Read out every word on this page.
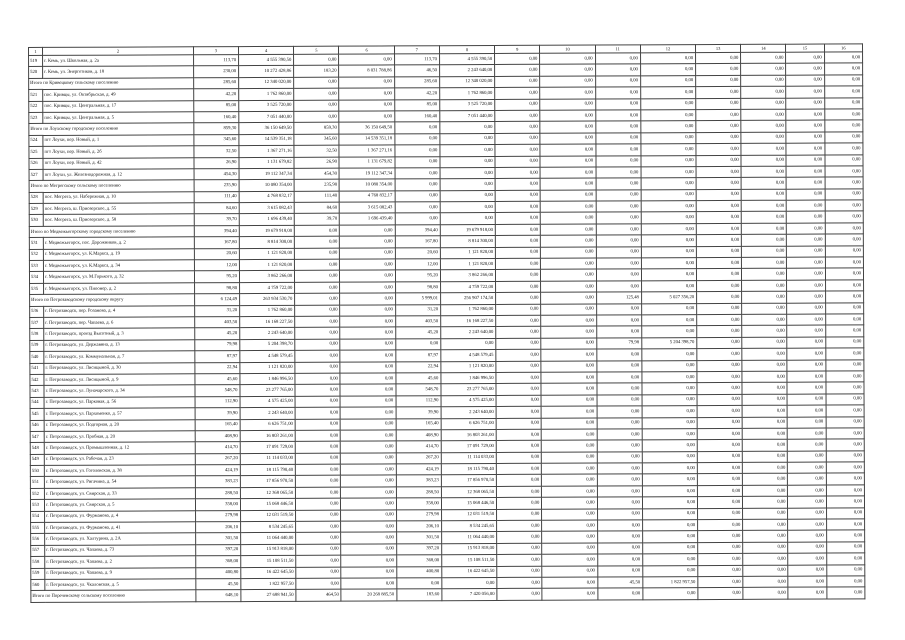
1	2	3	4	5	6	7	8	9	10	11	12	13	14	15	16
519	г. Кемь, ул. Школьная, д. 2а	113,70	4 555 390,50	0,00	0,00	113,70	4 555 390,50	0,00	0,00	0,00	0,00	0,00	0,00	0,00	0,00
520	г. Кемь, ул. Энергетиков, д. 18	230,00	10 272 428,86	183,20	8 031 788,86	46,50	2 243 640,00	0,00	0,00	0,00	0,00	0,00	0,00	0,00	0,00
Итого по Кривецкому сельскому поселению		285,60	12 340 020,00	0,00	0,00	285,60	12 340 020,00	0,00	0,00	0,00	0,00	0,00	0,00	0,00	0,00
521	пос. Кривцы, ул. Октябрьская, д. 49	42,20	1 762 860,00	0,00	0,00	42,20	1 762 860,00	0,00	0,00	0,00	0,00	0,00	0,00	0,00	0,00
522	пос. Кривцы, ул. Центральная, д. 17	85,00	3 525 720,00	0,00	0,00	85,00	3 525 720,00	0,00	0,00	0,00	0,00	0,00	0,00	0,00	0,00
523	пос. Кривцы, ул. Центральная, д. 5	160,40	7 051 440,00	0,00	0,00	160,40	7 051 440,00	0,00	0,00	0,00	0,00	0,00	0,00	0,00	0,00
Итого по Лоухскому городскому поселению		859,30	36 150 649,50	859,30	36 150 649,50	0,00	0,00	0,00	0,00	0,00	0,00	0,00	0,00	0,00	0,00
524	пгт Лоухи, пер. Новый, д. 1	345,60	14 539 351,18	345,60	14 539 351,18	0,00	0,00	0,00	0,00	0,00	0,00	0,00	0,00	0,00	0,00
525	пгт Лоухи, пер. Новый, д. 2б	32,50	1 367 271,16	32,50	1 367 271,16	0,00	0,00	0,00	0,00	0,00	0,00	0,00	0,00	0,00	0,00
526	пгт Лоухи, пер. Новый, д. 42	26,90	1 131 679,82	26,90	1 131 679,82	0,00	0,00	0,00	0,00	0,00	0,00	0,00	0,00	0,00	0,00
527	пгт Лоухи, ул. Железнодорожная, д. 12	454,30	19 112 347,34	454,30	19 112 347,34	0,00	0,00	0,00	0,00	0,00	0,00	0,00	0,00	0,00	0,00
Итого по Мегрегскому сельскому поселению		235,90	10 080 354,00	235,90	10 080 354,00	0,00	0,00	0,00	0,00	0,00	0,00	0,00	0,00	0,00	0,00
528	пос. Мегрега, ул. Набережная, д. 10	111,40	4 768 832,17	111,40	4 768 832,17	0,00	0,00	0,00	0,00	0,00	0,00	0,00	0,00	0,00	0,00
529	пос. Мегрега, ш. Приозерское, д. 55	84,60	3 615 082,43	84,60	3 615 082,43	0,00	0,00	0,00	0,00	0,00	0,00	0,00	0,00	0,00	0,00
530	пос. Мегрега, ш. Приозерское, д. 58	39,70	1 696 439,40	39,70	1 696 439,40	0,00	0,00	0,00	0,00	0,00	0,00	0,00	0,00	0,00	0,00
Итого по Медвежьегорскому городскому поселению		394,40	19 679 918,00	0,00	0,00	394,40	19 679 918,00	0,00	0,00	0,00	0,00	0,00	0,00	0,00	0,00
531	г. Медвежьегорск, пос. Дорожников, д. 2	167,80	8 814 300,00	0,00	0,00	167,80	8 814 300,00	0,00	0,00	0,00	0,00	0,00	0,00	0,00	0,00
532	г. Медвежьегорск, ул. К.Маркса, д. 19	20,60	1 121 820,00	0,00	0,00	20,60	1 121 820,00	0,00	0,00	0,00	0,00	0,00	0,00	0,00	0,00
533	г. Медвежьегорск, ул. К.Маркса, д. 34	12,00	1 121 820,00	0,00	0,00	12,00	1 121 820,00	0,00	0,00	0,00	0,00	0,00	0,00	0,00	0,00
534	г. Медвежьегорск, ул. М.Горького, д. 32	95,20	3 862 266,00	0,00	0,00	95,20	3 862 266,00	0,00	0,00	0,00	0,00	0,00	0,00	0,00	0,00
535	г. Медвежьегорск, ул. Пиоонер, д. 2	98,80	4 759 722,00	0,00	0,00	98,80	4 759 722,00	0,00	0,00	0,00	0,00	0,00	0,00	0,00	0,00
Итого по Петрозаводскому городскому округу		6 124,49	263 934 530,70	0,00	0,00	5 999,01	256 907 174,50	0,00	0,00	125,48	5 027 356,20	0,00	0,00	0,00	0,00
536	г. Петрозаводск, пер. Розанова, д. 4	31,20	1 762 860,00	0,00	0,00	31,20	1 762 860,00	0,00	0,00	0,00	0,00	0,00	0,00	0,00	0,00
537	г. Петрозаводск, пер. Чапаева, д. 6	403,50	16 168 227,50	0,00	0,00	403,50	16 168 227,50	0,00	0,00	0,00	0,00	0,00	0,00	0,00	0,00
538	г. Петрозаводск, проезд Высотный, д. 3	45,20	2 243 640,00	0,00	0,00	45,20	2 243 640,00	0,00	0,00	0,00	0,00	0,00	0,00	0,00	0,00
539	г. Петрозаводск, ул. Державина, д. 13	79,98	5 204 398,70	0,00	0,00	0,00	0,00	0,00	0,00	79,98	5 204 398,70	0,00	0,00	0,00	0,00
540	г. Петрозаводск, ул. Коммунальная, д. 7	87,97	4 548 579,45	0,00	0,00	87,97	4 548 579,45	0,00	0,00	0,00	0,00	0,00	0,00	0,00	0,00
541	г. Петрозаводск, ул. Лисицыной, д. 30	22,94	1 121 820,00	0,00	0,00	22,94	1 121 820,00	0,00	0,00	0,00	0,00	0,00	0,00	0,00	0,00
542	г. Петрозаводск, ул. Лисицыной, д. 9	45,60	1 846 996,50	0,00	0,00	45,60	1 846 996,50	0,00	0,00	0,00	0,00	0,00	0,00	0,00	0,00
543	г. Петрозаводск, ул. Луначарского, д. 34	548,70	23 277 765,00	0,00	0,00	548,70	23 277 765,00	0,00	0,00	0,00	0,00	0,00	0,00	0,00	0,00
544	г. Петрозаводск, ул. Парковая, д. 56	112,90	4 575 425,00	0,00	0,00	112,90	4 575 425,00	0,00	0,00	0,00	0,00	0,00	0,00	0,00	0,00
545	г. Петрозаводск, ул. Пархоменко, д. 57	39,90	2 243 640,00	0,00	0,00	39,90	2 243 640,00	0,00	0,00	0,00	0,00	0,00	0,00	0,00	0,00
546	г. Петрозаводск, ул. Подгорная, д. 20	165,40	6 626 751,00	0,00	0,00	165,40	6 626 751,00	0,00	0,00	0,00	0,00	0,00	0,00	0,00	0,00
547	г. Петрозаводск, ул. Пробная, д. 20	408,90	16 803 261,00	0,00	0,00	408,90	16 803 261,00	0,00	0,00	0,00	0,00	0,00	0,00	0,00	0,00
548	г. Петрозаводск, ул. Промышленная, д. 12	414,70	17 091 729,00	0,00	0,00	414,70	17 091 729,00	0,00	0,00	0,00	0,00	0,00	0,00	0,00	0,00
549	г. Петрозаводск, ул. Рабочая, д. 23	267,20	11 114 033,00	0,00	0,00	267,20	11 114 033,00	0,00	0,00	0,00	0,00	0,00	0,00	0,00	0,00
550	г. Петрозаводск, ул. Гоголевская, д. 38	424,19	18 115 790,40	0,00	0,00	424,19	18 115 790,40	0,00	0,00	0,00	0,00	0,00	0,00	0,00	0,00
551	г. Петрозаводск, ул. Ригачина, д. 54	383,23	17 856 970,50	0,00	0,00	383,23	17 856 970,50	0,00	0,00	0,00	0,00	0,00	0,00	0,00	0,00
552	г. Петрозаводск, ул. Свирская, д. 33	288,50	12 368 065,50	0,00	0,00	288,50	12 368 065,50	0,00	0,00	0,00	0,00	0,00	0,00	0,00	0,00
553	г. Петрозаводск, ул. Свирская, д. 5	358,00	15 068 446,50	0,00	0,00	358,00	15 068 446,50	0,00	0,00	0,00	0,00	0,00	0,00	0,00	0,00
554	г. Петрозаводск, ул. Фурманова, д. 4	279,98	12 031 519,50	0,00	0,00	279,98	12 031 519,50	0,00	0,00	0,00	0,00	0,00	0,00	0,00	0,00
555	г. Петрозаводск, ул. Фурманова, д. 41	206,10	8 534 245,65	0,00	0,00	206,10	8 534 245,65	0,00	0,00	0,00	0,00	0,00	0,00	0,00	0,00
556	г. Петрозаводск, ул. Халтурина, д. 2А	301,50	11 064 440,00	0,00	0,00	301,50	11 064 440,00	0,00	0,00	0,00	0,00	0,00	0,00	0,00	0,00
557	г. Петрозаводск, ул. Чапаева, д. 73	397,20	15 913 818,00	0,00	0,00	397,20	15 913 818,00	0,00	0,00	0,00	0,00	0,00	0,00	0,00	0,00
558	г. Петрозаводск, ул. Чапаева, д. 2	368,00	15 108 511,50	0,00	0,00	368,00	15 108 511,50	0,00	0,00	0,00	0,00	0,00	0,00	0,00	0,00
559	г. Петрозаводск, ул. Чапаева, д. 9	400,80	16 422 645,50	0,00	0,00	400,80	16 422 645,50	0,00	0,00	0,00	0,00	0,00	0,00	0,00	0,00
560	г. Петрозаводск, ул. Чкаловская, д. 5	45,50	1 822 957,50	0,00	0,00	0,00	0,00	0,00	0,00	45,50	1 822 957,50	0,00	0,00	0,00	0,00
Итого по Пореченскому сельскому поселению		648,10	27 688 941,50	464,50	20 268 885,50	183,60	7 420 056,00	0,00	0,00	0,00	0,00	0,00	0,00	0,00	0,00
